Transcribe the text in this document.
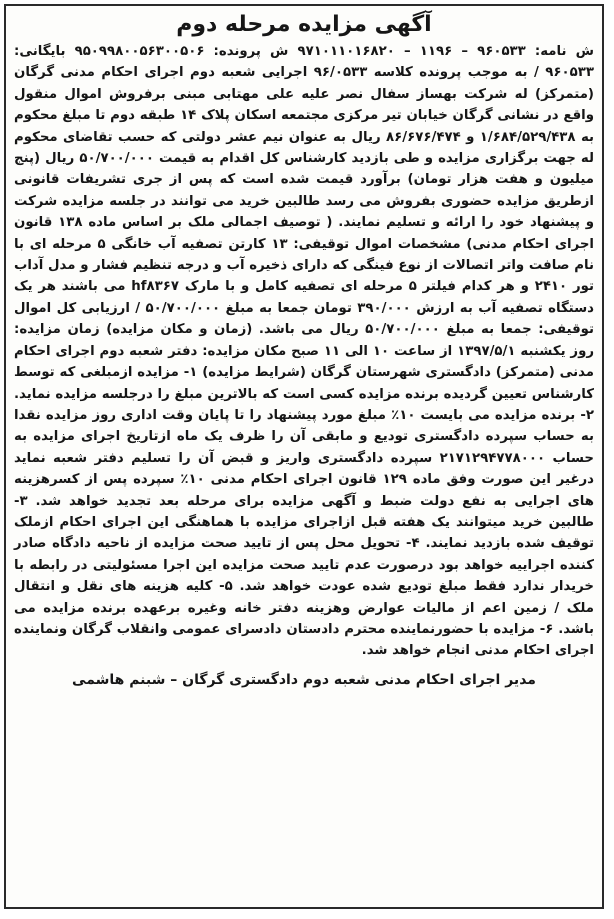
آگهی مزایده مرحله دوم

ش نامه: ۹۶۰۵۳۳ – ۱۱۹۶ – ۹۷۱۰۱۱۰۱۶۸۲۰ ش پرونده: ۹۵۰۹۹۸۰۰۵۶۳۰۰۵۰۶ بایگانی: ۹۶۰۵۳۳ / به موجب پرونده کلاسه ۹۶/۰۵۳۳ اجرایی شعبه دوم اجرای احکام مدنی گرگان (متمرکز) له شرکت بهساز سفال نصر علیه علی مهتابی مبنی برفروش اموال منقول واقع در نشانی گرگان خیابان تیر مرکزی مجتمعه اسکان پلاک ۱۴ طبقه دوم تا مبلغ محکوم به ۱/۶۸۴/۵۲۹/۴۳۸ و ۸۶/۶۷۶/۴۷۴ ریال به عنوان نیم عشر دولتی که حسب تقاضای محکوم له جهت برگزاری مزایده و طی بازدید کارشناس کل اقدام به قیمت ۵۰/۷۰۰/۰۰۰ ریال (پنج میلیون و هفت هزار تومان) برآورد قیمت شده است که پس از جری تشریفات قانونی ازطریق مزایده حضوری بفروش می رسد طالبین خرید می توانند در جلسه مزایده شرکت و پیشنهاد خود را ارائه و تسلیم نمایند. ( توصیف اجمالی ملک بر اساس ماده ۱۳۸ قانون اجرای احکام مدنی) مشخصات اموال توقیفی: ۱۳ کارتن تصفیه آب خانگی ۵ مرحله ای با نام صافت واتر اتصالات از نوع فینگی که دارای ذخیره آب و درجه تنظیم فشار و مدل آداب تور ۲۴۱۰ و هر کدام فیلتر ۵ مرحله ای تصفیه کامل و با مارک hf۸۳۶۷ می باشند هر یک دستگاه تصفیه آب به ارزش ۳۹۰/۰۰۰ تومان جمعا به مبلغ ۵۰/۷۰۰/۰۰۰ / ارزیابی کل اموال توقیفی: جمعا به مبلغ ۵۰/۷۰۰/۰۰۰ ریال می باشد. (زمان و مکان مزایده) زمان مزایده: روز یکشنبه ۱۳۹۷/۵/۱ از ساعت ۱۰ الی ۱۱ صبح مکان مزایده: دفتر شعبه دوم اجرای احکام مدنی (متمرکز) دادگستری شهرستان گرگان (شرایط مزایده) ۱- مزایده ازمبلغی که توسط کارشناس تعیین گردیده برنده مزایده کسی است که بالاترین مبلغ را درجلسه مزایده نماید. ۲- برنده مزایده می بایست ۱۰٪ مبلغ مورد پیشنهاد را تا پایان وقت اداری روز مزایده نقدا به حساب سپرده دادگستری تودیع و مابقی آن را ظرف یک ماه ازتاریخ اجرای مزایده به حساب ۲۱۷۱۲۹۴۷۷۸۰۰۰ سپرده دادگستری واریز و قبض آن را تسلیم دفتر شعبه نماید درغیر این صورت وفق ماده ۱۲۹ قانون اجرای احکام مدنی ۱۰٪ سپرده پس از کسرهزینه های اجرایی به نفع دولت ضبط و آگهی مزایده برای مرحله بعد تجدید خواهد شد. ۳- طالبین خرید میتوانند یک هفته قبل ازاجرای مزایده با هماهنگی این اجرای احکام ازملک توقیف شده بازدید نمایند. ۴- تحویل محل پس از تایید صحت مزایده از ناحیه دادگاه صادر کننده اجراییه خواهد بود درصورت عدم تایید صحت مزایده این اجرا مسئولیتی در رابطه با خریدار ندارد فقط مبلغ تودیع شده عودت خواهد شد. ۵- کلیه هزینه های نقل و انتقال ملک / زمین اعم از مالیات عوارض وهزینه دفتر خانه وغیره برعهده برنده مزایده می باشد. ۶- مزایده با حضورنماینده محترم دادستان دادسرای عمومی وانقلاب گرگان ونماینده اجرای احکام مدنی انجام خواهد شد.

مدیر اجرای احکام مدنی شعبه دوم دادگستری گرگان – شبنم هاشمی
